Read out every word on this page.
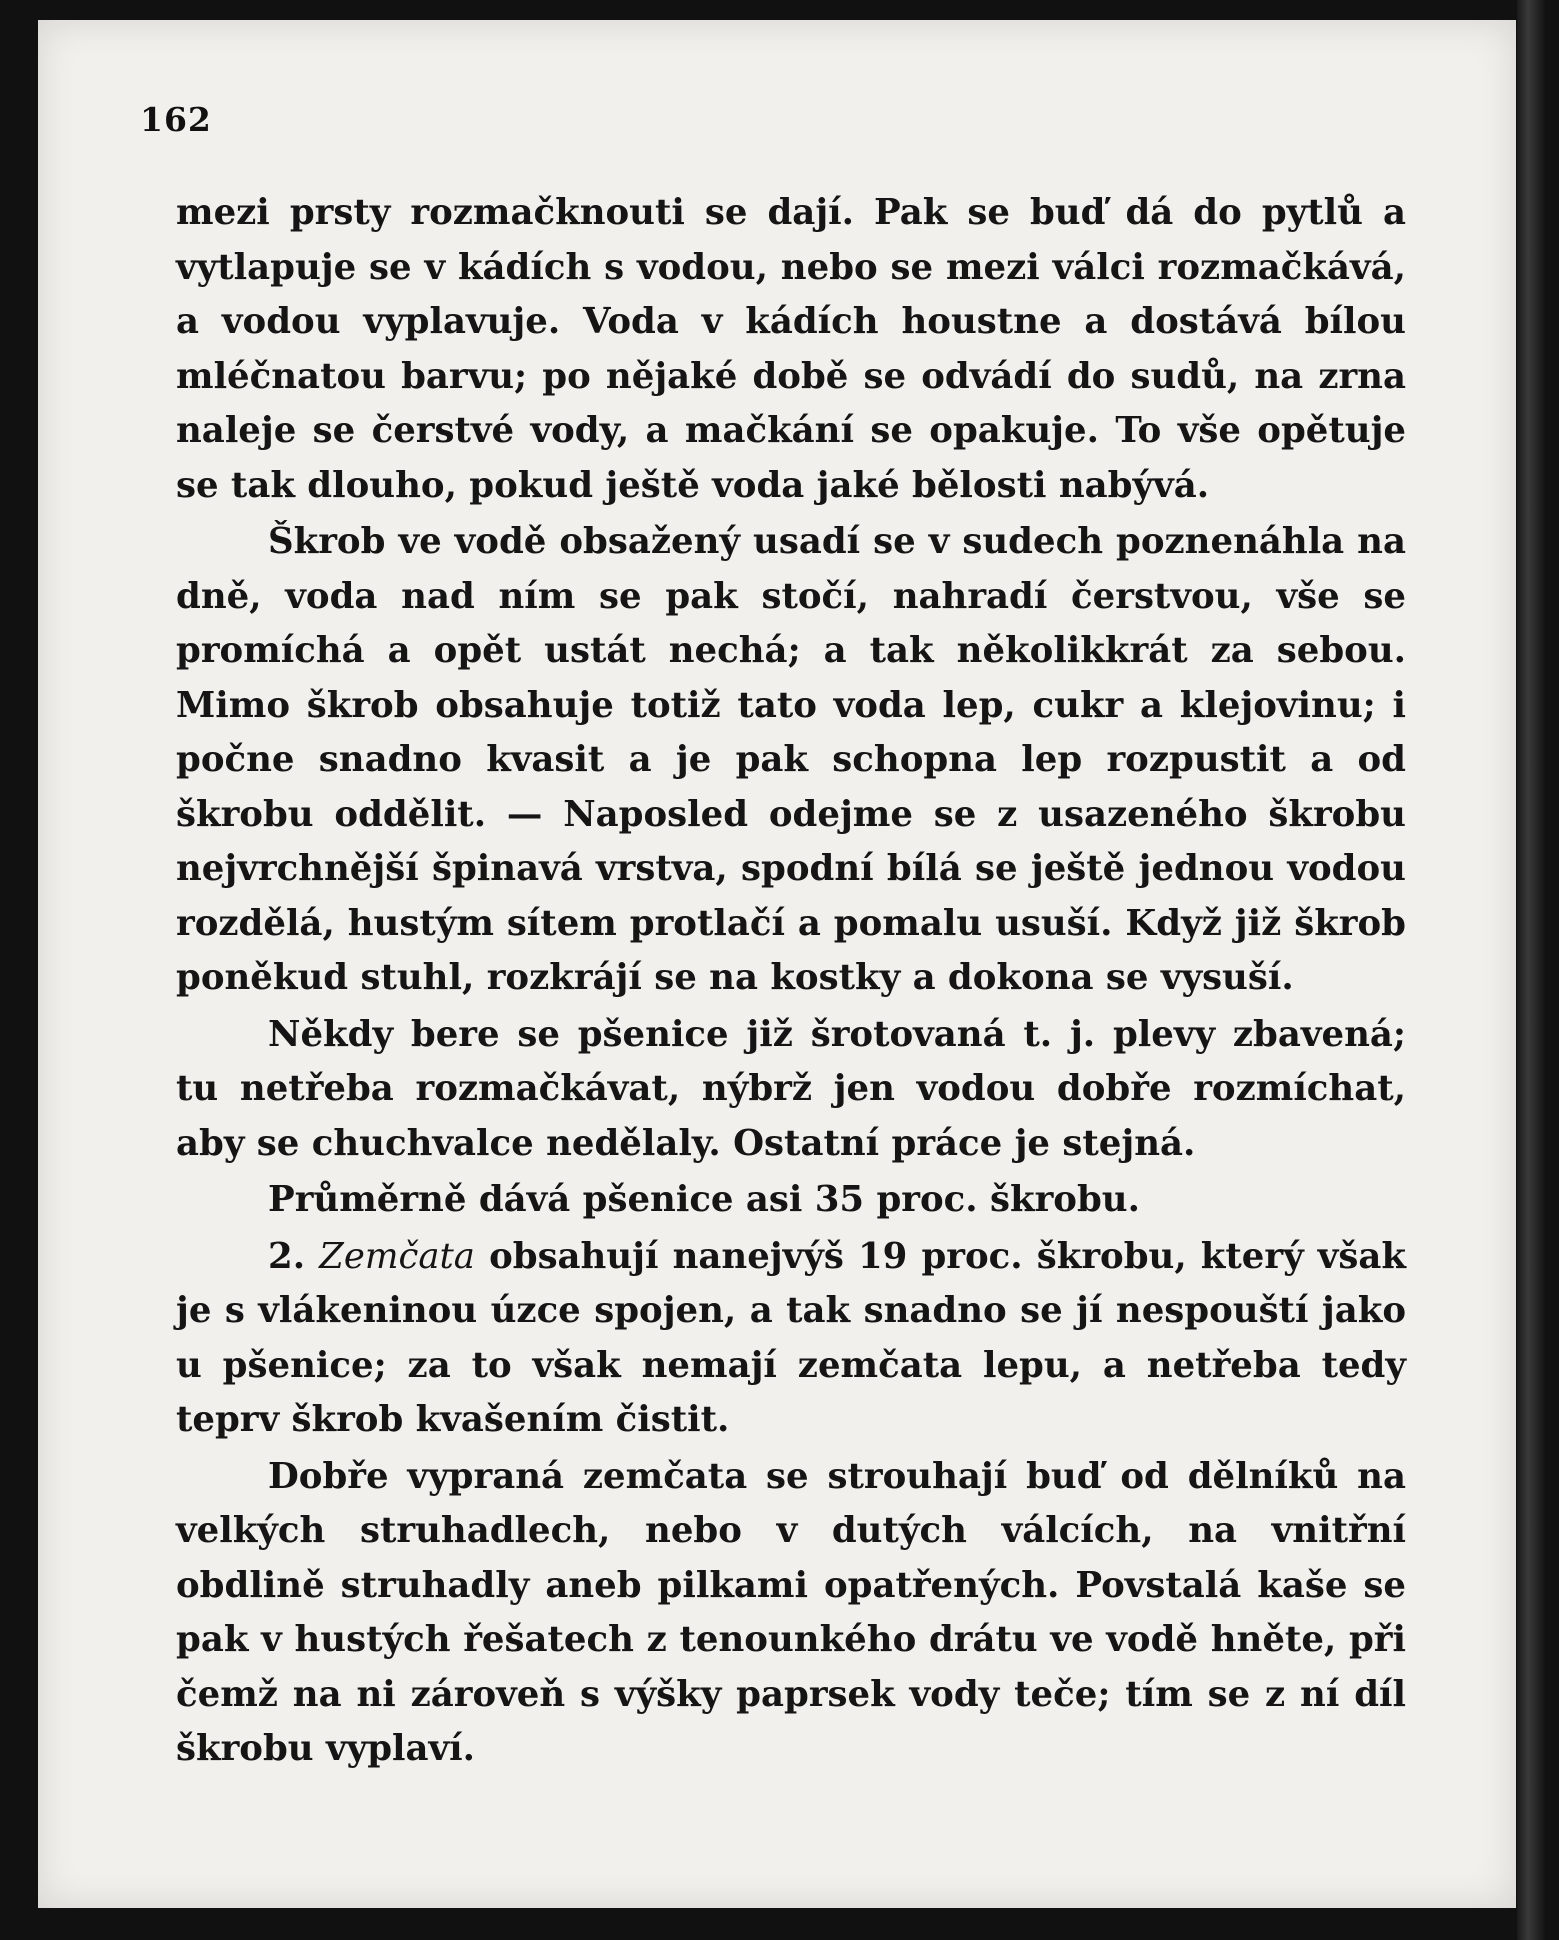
162

mezi prsty rozmačknouti se dají. Pak se buď dá do pytlů a vytlapuje se v kádích s vodou, nebo se mezi válci rozmačkává, a vodou vyplavuje. Voda v kádích houstne a dostává bílou mléčnatou barvu; po nějaké době se odvádí do sudů, na zrna naleje se čerstvé vody, a mačkání se opakuje. To vše opětuje se tak dlouho, pokud ještě voda jaké bělosti nabývá.

Škrob ve vodě obsažený usadí se v sudech poznenáhla na dně, voda nad ním se pak stočí, nahradí čerstvou, vše se promíchá a opět ustát nechá; a tak několikkrát za sebou. Mimo škrob obsahuje totiž tato voda lep, cukr a klejovinu; i počne snadno kvasit a je pak schopna lep rozpustit a od škrobu oddělit. — Naposled odejme se z usazeného škrobu nejvrchnější špinavá vrstva, spodní bílá se ještě jednou vodou rozdělá, hustým sítem protlačí a pomalu usuší. Když již škrob poněkud stuhl, rozkrájí se na kostky a dokona se vysuší.

Někdy bere se pšenice již šrotovaná t. j. plevy zbavená; tu netřeba rozmačkávat, nýbrž jen vodou dobře rozmíchat, aby se chuchvalce nedělaly. Ostatní práce je stejná.

Průměrně dává pšenice asi 35 proc. škrobu.

2. Zemčata obsahují nanejvýš 19 proc. škrobu, který však je s vlákeninou úzce spojen, a tak snadno se jí nespouští jako u pšenice; za to však nemají zemčata lepu, a netřeba tedy teprv škrob kvašením čistit.

Dobře vypraná zemčata se strouhají buď od dělníků na velkých struhadlech, nebo v dutých válcích, na vnitřní obdlině struhadly aneb pilkami opatřených. Povstalá kaše se pak v hustých řešatech z tenounkého drátu ve vodě hněte, při čemž na ni zároveň s výšky paprsek vody teče; tím se z ní díl škrobu vyplaví.
